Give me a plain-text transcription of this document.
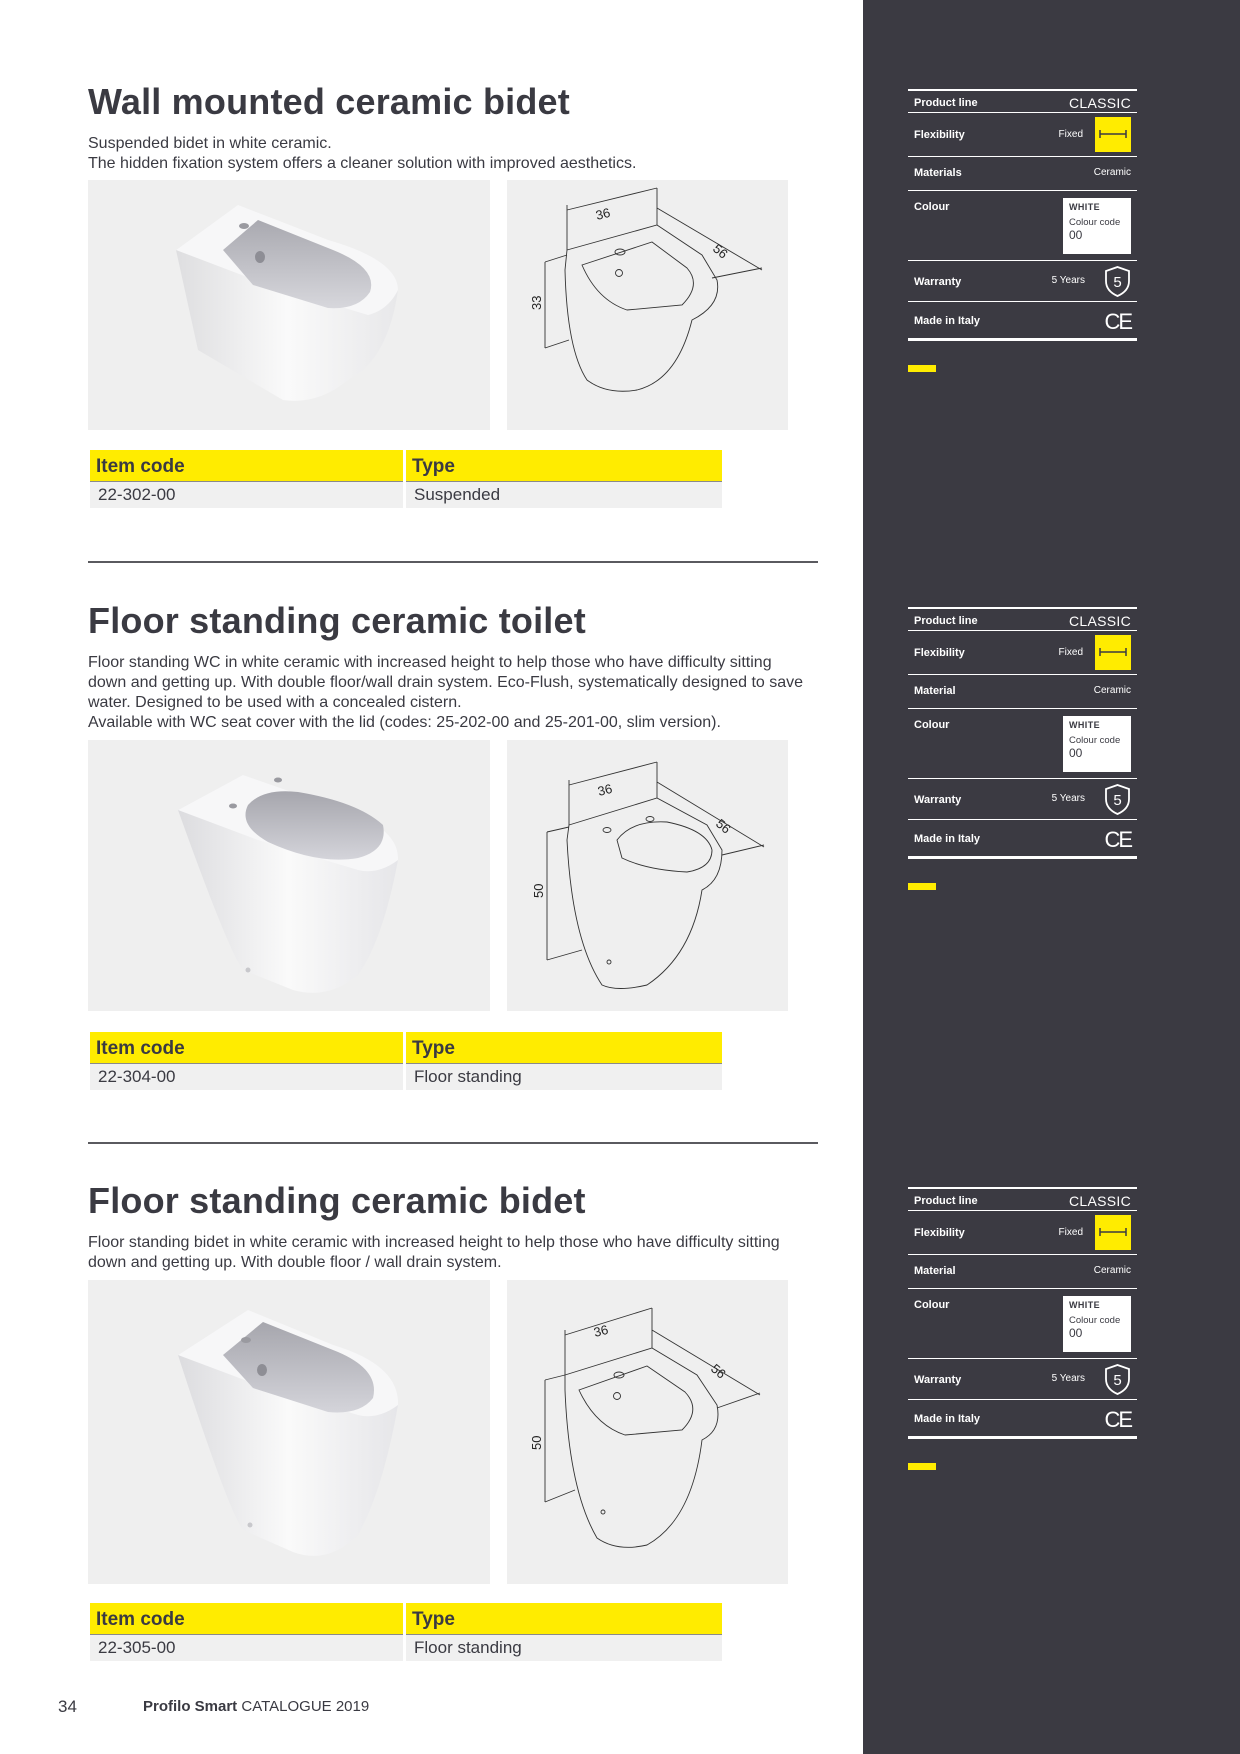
Wall mounted ceramic bidet

Suspended bidet in white ceramic.

The hidden fixation system offers a cleaner solution with improved aesthetics.

36
56
33
Item code	Type
22-302-00	Suspended
Product line	CLASSIC
Flexibility	Fixed
Materials	Ceramic
Colour	WHITE
Colour code
00
Warranty	5 Years 5
Made in Italy	CE
Floor standing ceramic toilet

Floor standing WC in white ceramic with increased height to help those who have difficulty sitting

down and getting up. With double floor/wall drain system. Eco-Flush, systematically designed to save

water. Designed to be used with a concealed cistern.

Available with WC seat cover with the lid (codes: 25-202-00 and 25-201-00, slim version).

36
56
50
Item code	Type
22-304-00	Floor standing
Product line	CLASSIC
Flexibility	Fixed
Material	Ceramic
Colour	WHITE
Colour code
00
Warranty	5 Years 5
Made in Italy	CE
Floor standing ceramic bidet

Floor standing bidet in white ceramic with increased height to help those who have difficulty sitting

down and getting up. With double floor / wall drain system.

36
56
50
Item code	Type
22-305-00	Floor standing
Product line	CLASSIC
Flexibility	Fixed
Material	Ceramic
Colour	WHITE
Colour code
00
Warranty	5 Years 5
Made in Italy	CE
34	Profilo Smart CATALOGUE 2019
